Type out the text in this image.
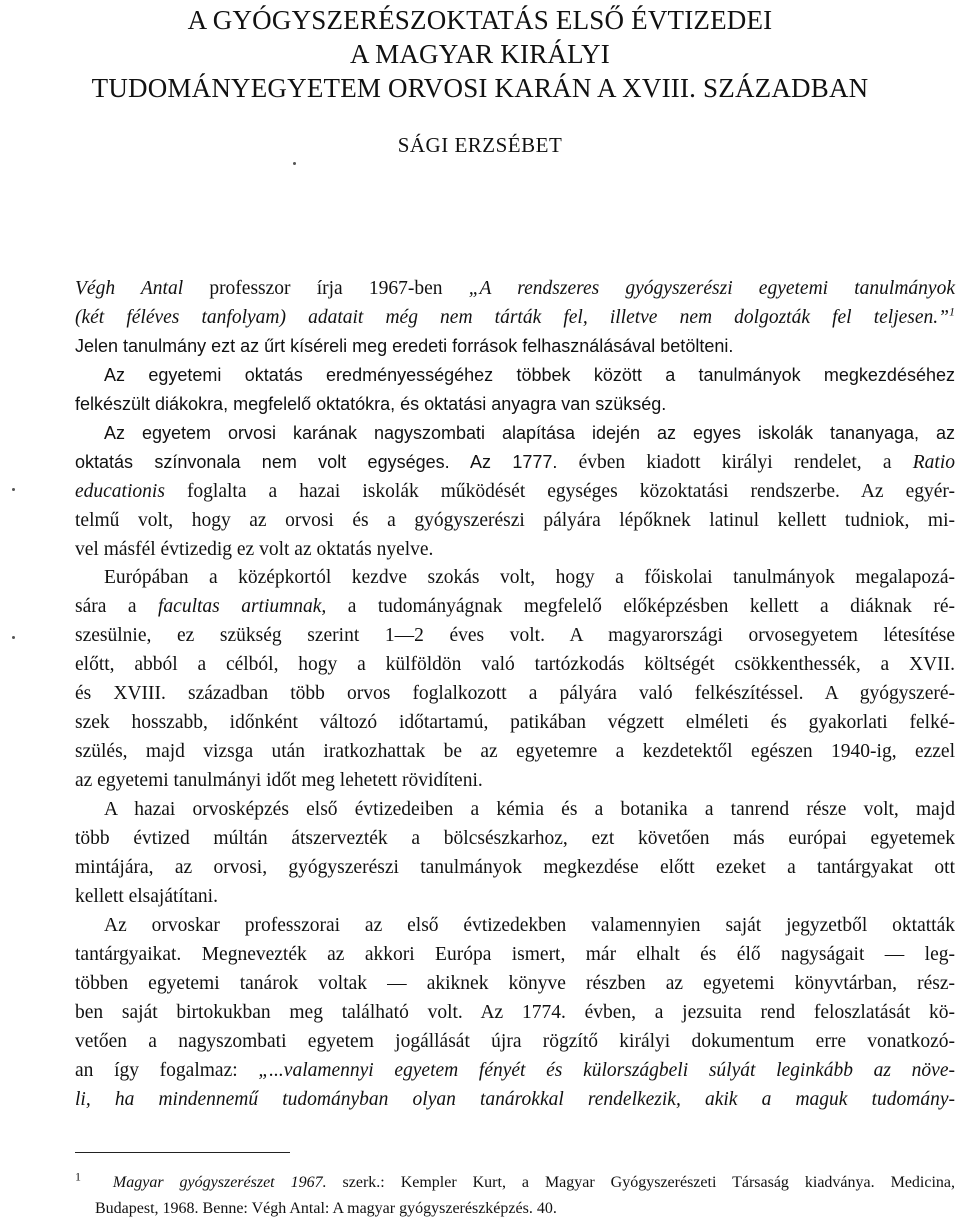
A GYÓGYSZERÉSZOKTATÁS ELSŐ ÉVTIZEDEI
A MAGYAR KIRÁLYI
TUDOMÁNYEGYETEM ORVOSI KARÁN A XVIII. SZÁZADBAN
SÁGI ERZSÉBET
Végh Antal professzor írja 1967-ben „A rendszeres gyógyszerészi egyetemi tanulmányok
(két féléves tanfolyam) adatait még nem tárták fel, illetve nem dolgozták fel teljesen.”$^1$
Jelen tanulmány ezt az űrt kíséreli meg eredeti források felhasználásával betölteni.
Az egyetemi oktatás eredményességéhez többek között a tanulmányok megkezdéséhez
felkészült diákokra, megfelelő oktatókra, és oktatási anyagra van szükség.
Az egyetem orvosi karának nagyszombati alapítása idején az egyes iskolák tananyaga, az
oktatás színvonala nem volt egységes. Az 1777. évben kiadott királyi rendelet, a Ratio
educationis foglalta a hazai iskolák működését egységes közoktatási rendszerbe. Az egyér-
telmű volt, hogy az orvosi és a gyógyszerészi pályára lépőknek latinul kellett tudniok, mi-
vel másfél évtizedig ez volt az oktatás nyelve.
Európában a középkortól kezdve szokás volt, hogy a főiskolai tanulmányok megalapozá-
sára a facultas artiumnak, a tudományágnak megfelelő előképzésben kellett a diáknak ré-
szesülnie, ez szükség szerint 1—2 éves volt. A magyarországi orvosegyetem létesítése
előtt, abból a célból, hogy a külföldön való tartózkodás költségét csökkenthessék, a XVII.
és XVIII. században több orvos foglalkozott a pályára való felkészítéssel. A gyógyszeré-
szek hosszabb, időnként változó időtartamú, patikában végzett elméleti és gyakorlati felké-
szülés, majd vizsga után iratkozhattak be az egyetemre a kezdetektől egészen 1940-ig, ezzel
az egyetemi tanulmányi időt meg lehetett rövidíteni.
A hazai orvosképzés első évtizedeiben a kémia és a botanika a tanrend része volt, majd
több évtized múltán átszervezték a bölcsészkarhoz, ezt követően más európai egyetemek
mintájára, az orvosi, gyógyszerészi tanulmányok megkezdése előtt ezeket a tantárgyakat ott
kellett elsajátítani.
Az orvoskar professzorai az első évtizedekben valamennyien saját jegyzetből oktatták
tantárgyaikat. Megnevezték az akkori Európa ismert, már elhalt és élő nagyságait — leg-
többen egyetemi tanárok voltak — akiknek könyve részben az egyetemi könyvtárban, rész-
ben saját birtokukban meg található volt. Az 1774. évben, a jezsuita rend feloszlatását kö-
vetően a nagyszombati egyetem jogállását újra rögzítő királyi dokumentum erre vonatkozó-
an így fogalmaz: „...valamennyi egyetem fényét és külországbeli súlyát leginkább az növe-
li, ha mindennemű tudományban olyan tanárokkal rendelkezik, akik a maguk tudomány-
$^1$ Magyar gyógyszerészet 1967. szerk.: Kempler Kurt, a Magyar Gyógyszerészeti Társaság kiadványa. Medicina,
Budapest, 1968. Benne: Végh Antal: A magyar gyógyszerészképzés. 40.
